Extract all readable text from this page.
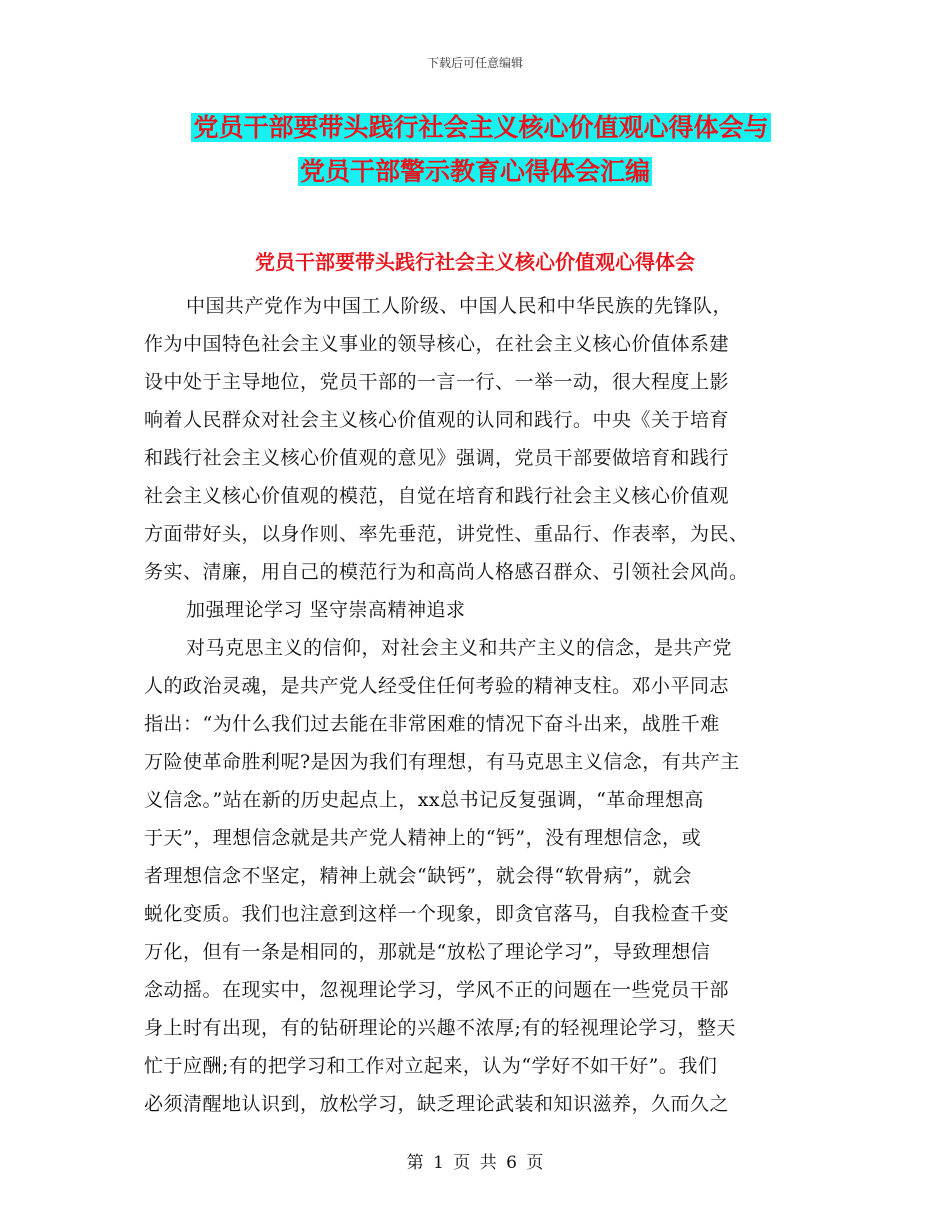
下载后可任意编辑
党员干部要带头践行社会主义核心价值观心得体会与
党员干部警示教育心得体会汇编
党员干部要带头践行社会主义核心价值观心得体会
中国共产党作为中国工人阶级、中国人民和中华民族的先锋队，
作为中国特色社会主义事业的领导核心，在社会主义核心价值体系建
设中处于主导地位，党员干部的一言一行、一举一动，很大程度上影
响着人民群众对社会主义核心价值观的认同和践行。中央《关于培育
和践行社会主义核心价值观的意见》强调，党员干部要做培育和践行
社会主义核心价值观的模范，自觉在培育和践行社会主义核心价值观
方面带好头，以身作则、率先垂范，讲党性、重品行、作表率，为民、
务实、清廉，用自己的模范行为和高尚人格感召群众、引领社会风尚。
加强理论学习 坚守崇高精神追求
对马克思主义的信仰，对社会主义和共产主义的信念，是共产党
人的政治灵魂，是共产党人经受住任何考验的精神支柱。邓小平同志
指出：“为什么我们过去能在非常困难的情况下奋斗出来，战胜千难
万险使革命胜利呢?是因为我们有理想，有马克思主义信念，有共产主
义信念。”站在新的历史起点上，xx总书记反复强调，“革命理想高
于天”，理想信念就是共产党人精神上的“钙”，没有理想信念，或
者理想信念不坚定，精神上就会“缺钙”，就会得“软骨病”，就会
蜕化变质。我们也注意到这样一个现象，即贪官落马，自我检查千变
万化，但有一条是相同的，那就是“放松了理论学习”，导致理想信
念动摇。在现实中，忽视理论学习，学风不正的问题在一些党员干部
身上时有出现，有的钻研理论的兴趣不浓厚;有的轻视理论学习，整天
忙于应酬;有的把学习和工作对立起来，认为“学好不如干好”。我们
必须清醒地认识到，放松学习，缺乏理论武装和知识滋养，久而久之
第 1 页 共 6 页
